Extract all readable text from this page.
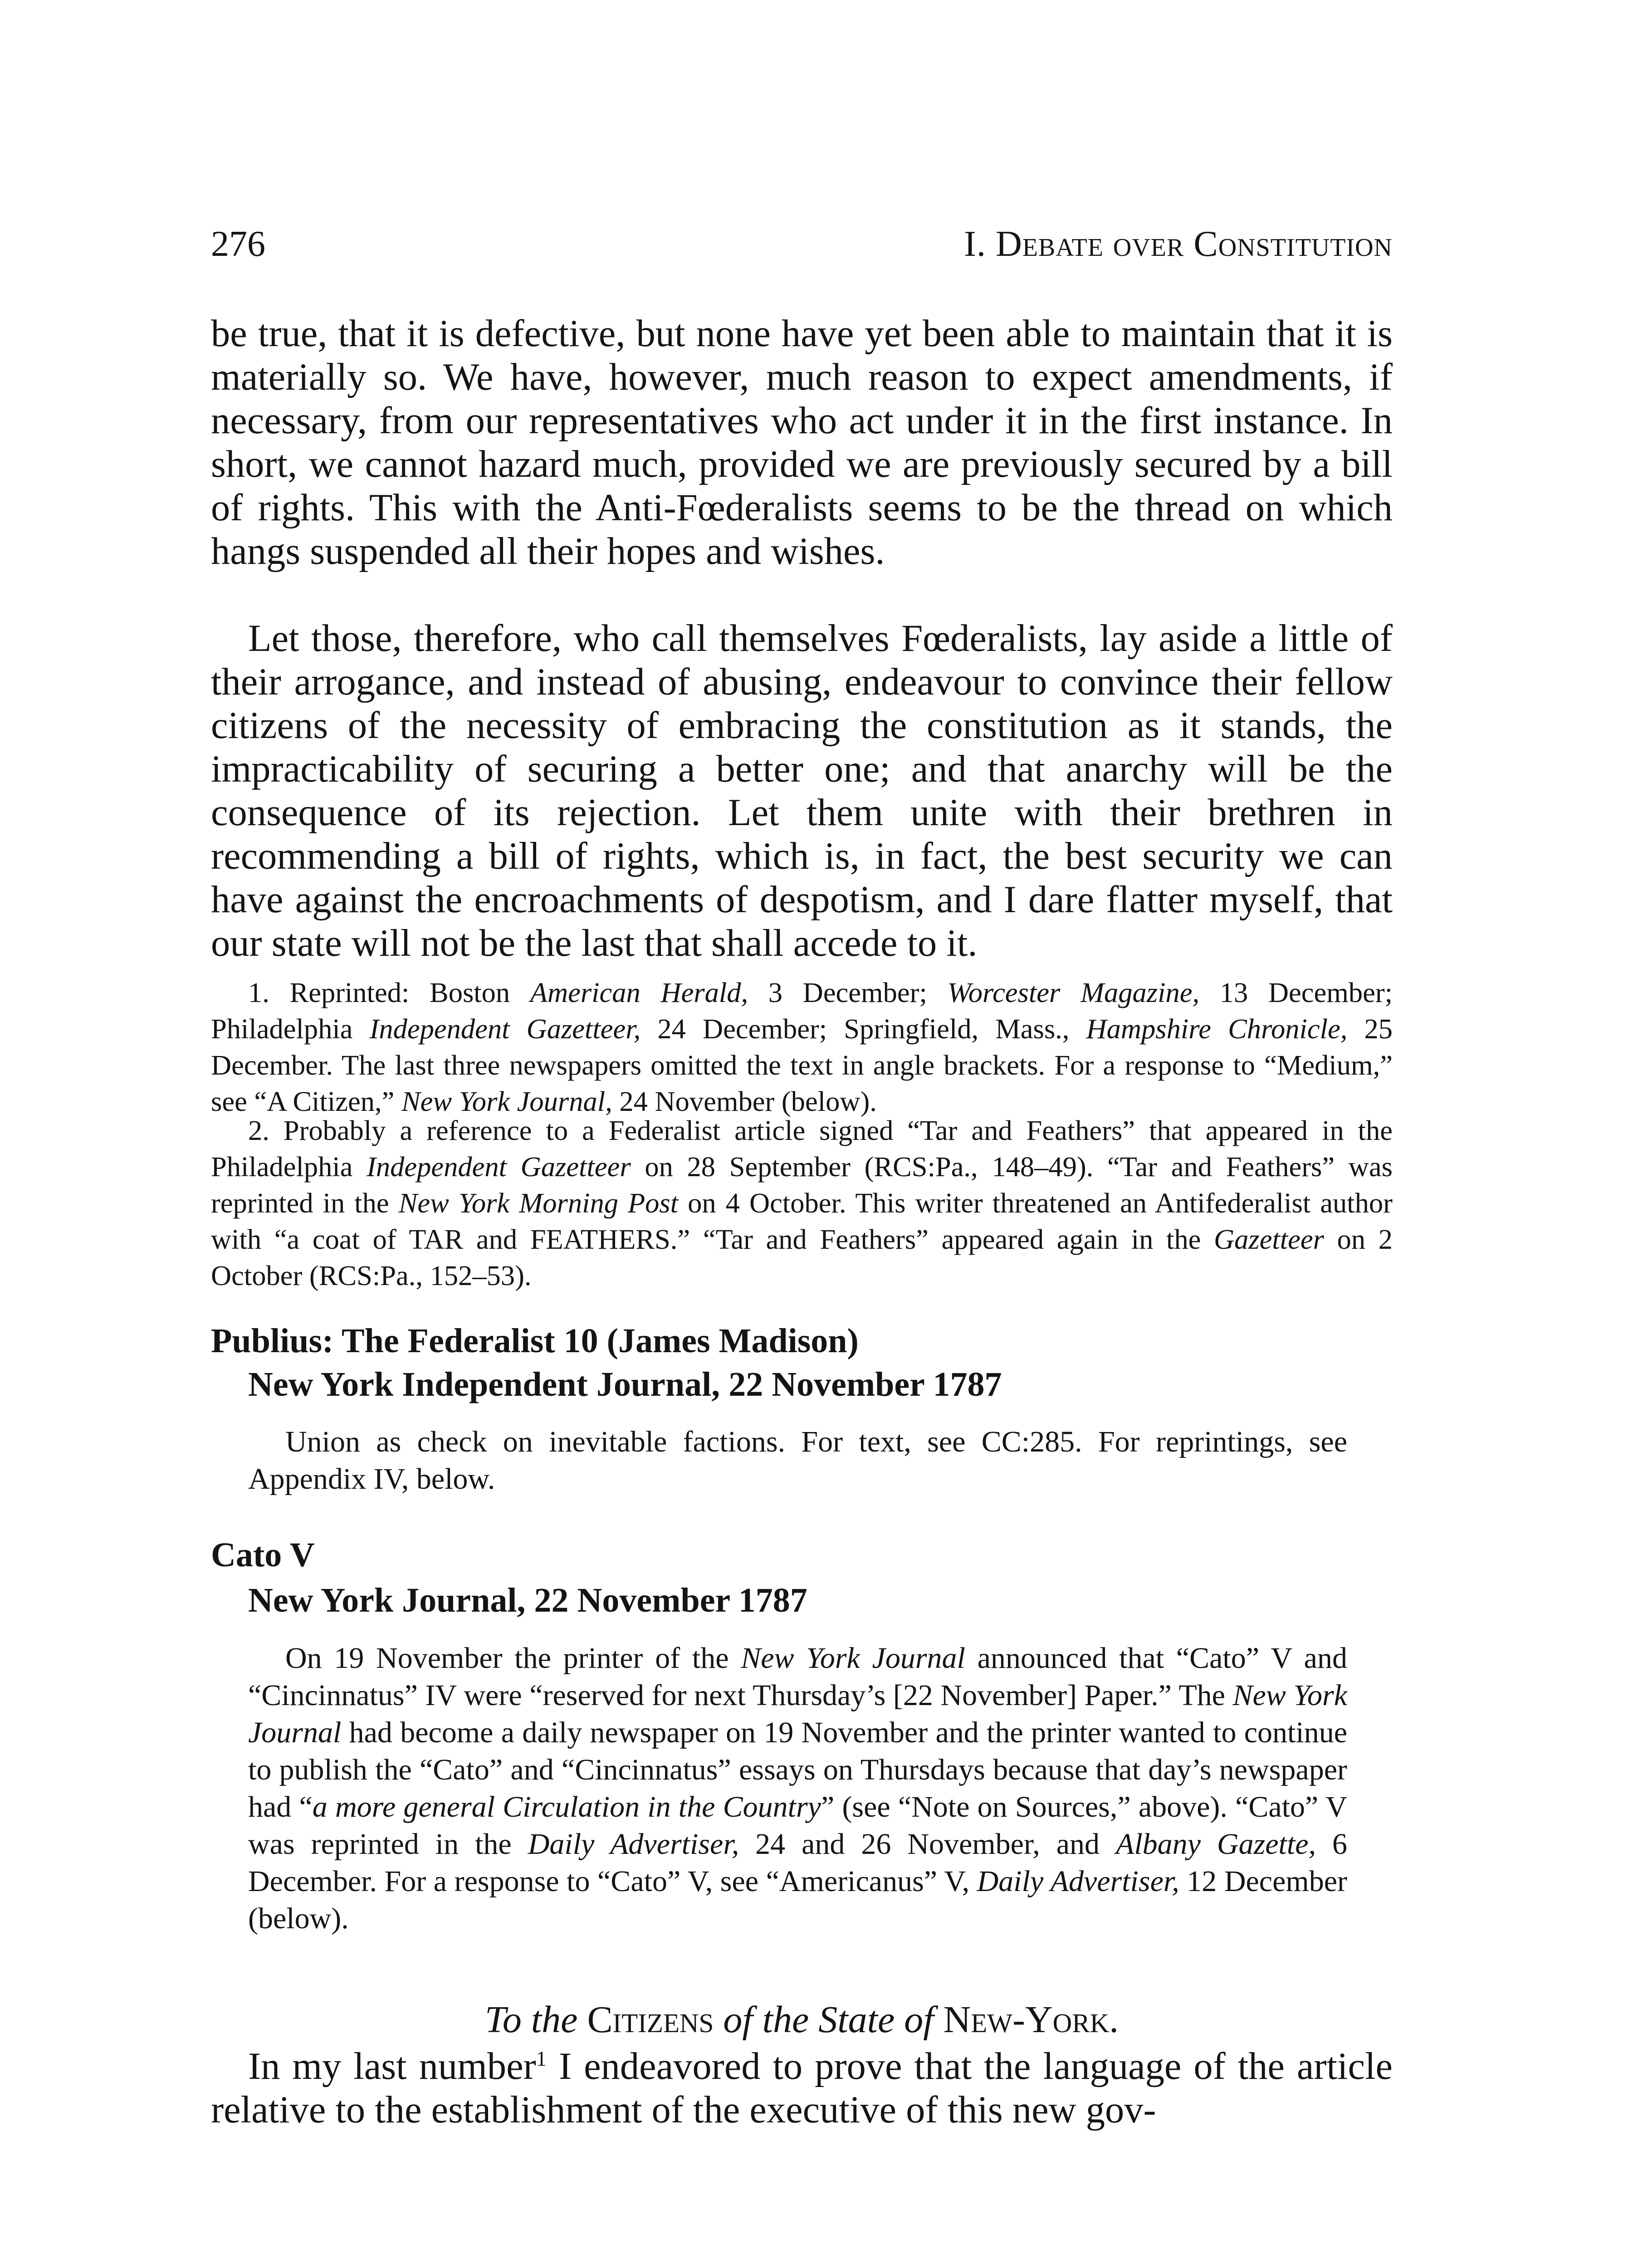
276	I. Debate over Constitution

be true, that it is defective, but none have yet been able to maintain that it is materially so. We have, however, much reason to expect amendments, if necessary, from our representatives who act under it in the first instance. In short, we cannot hazard much, provided we are previously secured by a bill of rights. This with the Anti-Fœderalists seems to be the thread on which hangs suspended all their hopes and wishes.

Let those, therefore, who call themselves Fœderalists, lay aside a little of their arrogance, and instead of abusing, endeavour to convince their fellow citizens of the necessity of embracing the constitution as it stands, the impracticability of securing a better one; and that anarchy will be the consequence of its rejection. Let them unite with their brethren in recommending a bill of rights, which is, in fact, the best security we can have against the encroachments of despotism, and I dare flatter myself, that our state will not be the last that shall accede to it.

1. Reprinted: Boston American Herald, 3 December; Worcester Magazine, 13 December; Philadelphia Independent Gazetteer, 24 December; Springfield, Mass., Hampshire Chronicle, 25 December. The last three newspapers omitted the text in angle brackets. For a response to “Medium,” see “A Citizen,” New York Journal, 24 November (below).

2. Probably a reference to a Federalist article signed “Tar and Feathers” that appeared in the Philadelphia Independent Gazetteer on 28 September (RCS:Pa., 148–49). “Tar and Feathers” was reprinted in the New York Morning Post on 4 October. This writer threatened an Antifederalist author with “a coat of TAR and FEATHERS.” “Tar and Feathers” appeared again in the Gazetteer on 2 October (RCS:Pa., 152–53).

Publius: The Federalist 10 (James Madison)
New York Independent Journal, 22 November 1787

Union as check on inevitable factions. For text, see CC:285. For reprintings, see Appendix IV, below.

Cato V
New York Journal, 22 November 1787

On 19 November the printer of the New York Journal announced that “Cato” V and “Cincinnatus” IV were “reserved for next Thursday’s [22 November] Paper.” The New York Journal had become a daily newspaper on 19 November and the printer wanted to continue to publish the “Cato” and “Cincinnatus” essays on Thursdays because that day’s newspaper had “a more general Circulation in the Country” (see “Note on Sources,” above). “Cato” V was reprinted in the Daily Advertiser, 24 and 26 November, and Albany Gazette, 6 December. For a response to “Cato” V, see “Americanus” V, Daily Advertiser, 12 December (below).

To the Citizens of the State of New-York.

In my last number$^1$ I endeavored to prove that the language of the article relative to the establishment of the executive of this new gov-
